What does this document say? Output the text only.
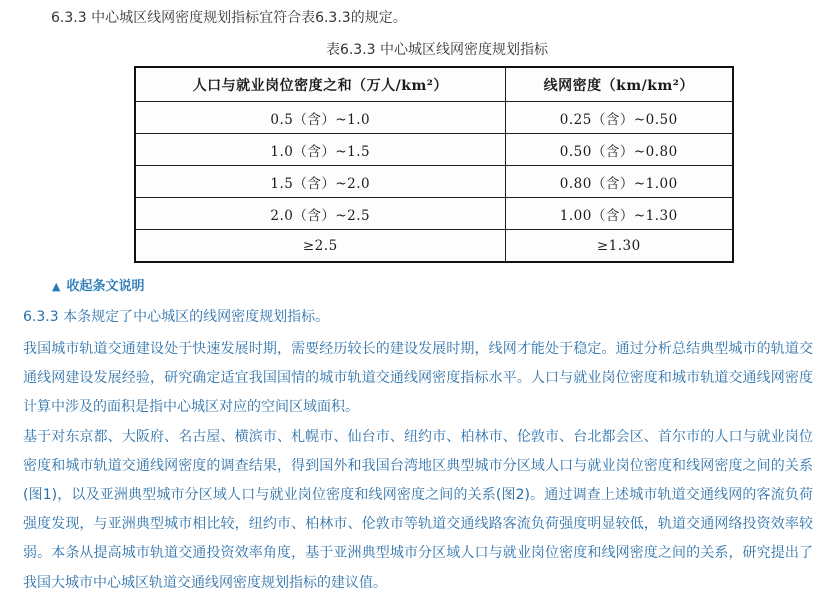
6.3.3 中心城区线网密度规划指标宜符合表6.3.3的规定。
表6.3.3 中心城区线网密度规划指标
人口与就业岗位密度之和（万人/km²）	线网密度（km/km²）
0.5（含）~1.0	0.25（含）~0.50
1.0（含）~1.5	0.50（含）~0.80
1.5（含）~2.0	0.80（含）~1.00
2.0（含）~2.5	1.00（含）~1.30
≥2.5	≥1.30
▲ 收起条文说明
6.3.3 本条规定了中心城区的线网密度规划指标。

我国城市轨道交通建设处于快速发展时期，需要经历较长的建设发展时期，线网才能处于稳定。通过分析总结典型城市的轨道交通线网建设发展经验，研究确定适宜我国国情的城市轨道交通线网密度指标水平。人口与就业岗位密度和城市轨道交通线网密度计算中涉及的面积是指中心城区对应的空间区域面积。

基于对东京都、大阪府、名古屋、横滨市、札幌市、仙台市、纽约市、柏林市、伦敦市、台北都会区、首尔市的人口与就业岗位密度和城市轨道交通线网密度的调查结果，得到国外和我国台湾地区典型城市分区域人口与就业岗位密度和线网密度之间的关系(图1)，以及亚洲典型城市分区域人口与就业岗位密度和线网密度之间的关系(图2)。通过调查上述城市轨道交通线网的客流负荷强度发现，与亚洲典型城市相比较，纽约市、柏林市、伦敦市等轨道交通线路客流负荷强度明显较低，轨道交通网络投资效率较弱。本条从提高城市轨道交通投资效率角度，基于亚洲典型城市分区域人口与就业岗位密度和线网密度之间的关系，研究提出了我国大城市中心城区轨道交通线网密度规划指标的建议值。
